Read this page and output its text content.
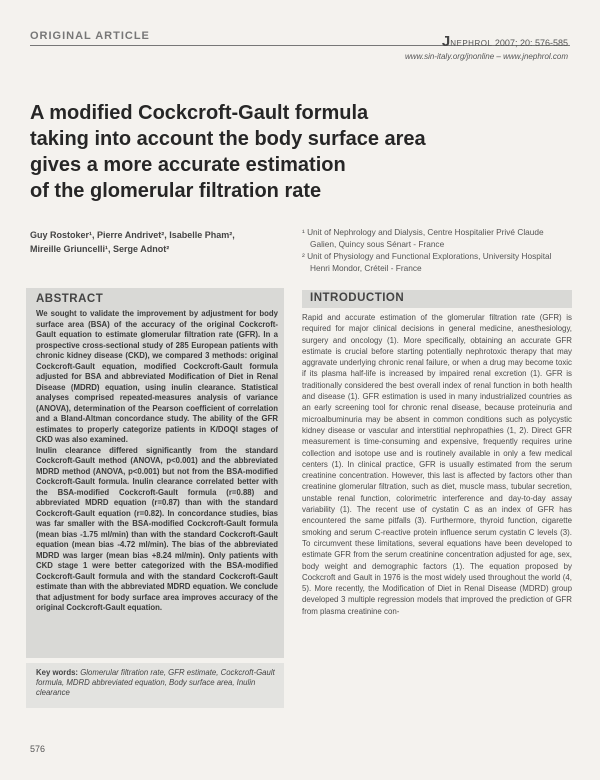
ORIGINAL ARTICLE	JNEPHROL 2007; 20: 576-585
www.sin-italy.org/jnonline – www.jnephrol.com
A modified Cockcroft-Gault formula
taking into account the body surface area
gives a more accurate estimation
of the glomerular filtration rate
Guy Rostoker¹, Pierre Andrivet², Isabelle Pham²,
Mireille Griuncelli¹, Serge Adnot²
¹ Unit of Nephrology and Dialysis, Centre Hospitalier Privé Claude Galien, Quincy sous Sénart - France
² Unit of Physiology and Functional Explorations, University Hospital Henri Mondor, Créteil - France
ABSTRACT

We sought to validate the improvement by adjustment for body surface area (BSA) of the accuracy of the original Cockcroft-Gault equation to estimate glomerular filtration rate (GFR). In a prospective cross-sectional study of 285 European patients with chronic kidney disease (CKD), we compared 3 methods: original Cockcroft-Gault equation, modified Cockcroft-Gault formula adjusted for BSA and abbreviated Modification of Diet in Renal Disease (MDRD) equation, using inulin clearance. Statistical analyses comprised repeated-measures analysis of variance (ANOVA), determination of the Pearson coefficient of correlation and a Bland-Altman concordance study. The ability of the GFR estimates to properly categorize patients in K/DOQI stages of CKD was also examined.

Inulin clearance differed significantly from the standard Cockcroft-Gault method (ANOVA, p<0.001) and the abbreviated MDRD method (ANOVA, p<0.001) but not from the BSA-modified Cockcroft-Gault formula. Inulin clearance correlated better with the BSA-modified Cockcroft-Gault formula (r=0.88) and abbreviated MDRD equation (r=0.87) than with the standard Cockcroft-Gault equation (r=0.82). In concordance studies, bias was far smaller with the BSA-modified Cockcroft-Gault formula (mean bias -1.75 ml/min) than with the standard Cockcroft-Gault equation (mean bias -4.72 ml/min). The bias of the abbreviated MDRD was larger (mean bias +8.24 ml/min). Only patients with CKD stage 1 were better categorized with the BSA-modified Cockcroft-Gault formula and with the standard Cockcroft-Gault estimate than with the abbreviated MDRD equation. We conclude that adjustment for body surface area improves accuracy of the original Cockcroft-Gault equation.

Key words: Glomerular filtration rate, GFR estimate, Cockcroft-Gault formula, MDRD abbreviated equation, Body surface area, Inulin clearance
INTRODUCTION

Rapid and accurate estimation of the glomerular filtration rate (GFR) is required for major clinical decisions in general medicine, anesthesiology, surgery and oncology (1). More specifically, obtaining an accurate GFR estimate is crucial before starting potentially nephrotoxic therapy that may aggravate underlying chronic renal failure, or when a drug may become toxic if its plasma half-life is increased by impaired renal excretion (1). GFR is traditionally considered the best overall index of renal function in both health and disease (1). GFR estimation is used in many industrialized countries as an early screening tool for chronic renal disease, because proteinuria and microalbuminuria may be absent in common conditions such as polycystic kidney disease or vascular and interstitial nephropathies (1, 2). Direct GFR measurement is time-consuming and expensive, frequently requires urine collection and isotope use and is routinely available in only a few medical centers (1). In clinical practice, GFR is usually estimated from the serum creatinine concentration. However, this last is affected by factors other than creatinine glomerular filtration, such as diet, muscle mass, tubular secretion, unstable renal function, colorimetric interference and day-to-day assay variability (1). The recent use of cystatin C as an index of GFR has encountered the same pitfalls (3). Furthermore, thyroid function, cigarette smoking and serum C-reactive protein influence serum cystatin C levels (3). To circumvent these limitations, several equations have been developed to estimate GFR from the serum creatinine concentration adjusted for age, sex, body weight and demographic factors (1). The equation proposed by Cockcroft and Gault in 1976 is the most widely used throughout the world (4, 5). More recently, the Modification of Diet in Renal Disease (MDRD) group developed 3 multiple regression models that improved the prediction of GFR from plasma creatinine con-

576
